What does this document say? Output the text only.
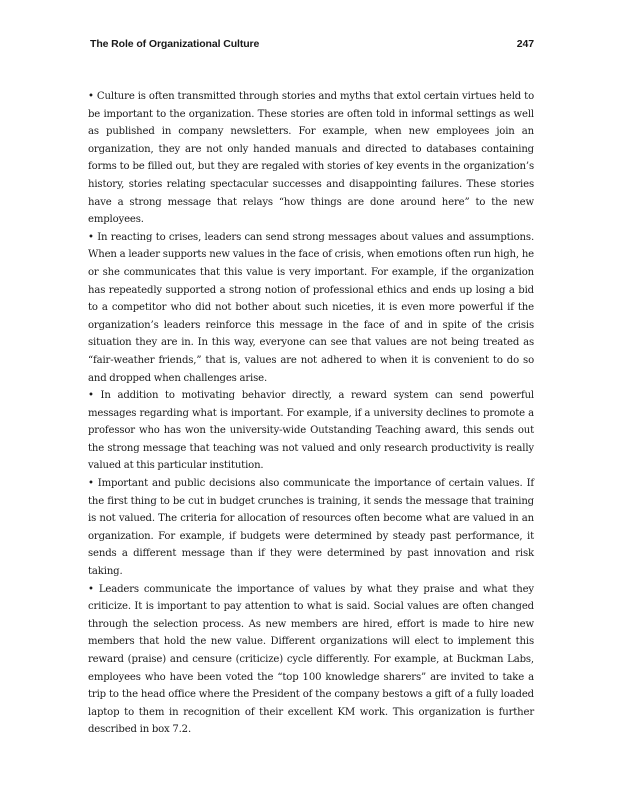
The Role of Organizational Culture	247

• Culture is often transmitted through stories and myths that extol certain virtues held to be important to the organization. These stories are often told in informal settings as well as published in company newsletters. For example, when new employees join an organization, they are not only handed manuals and directed to databases containing forms to be filled out, but they are regaled with stories of key events in the organization’s history, stories relating spectacular successes and disappointing failures. These stories have a strong message that relays “how things are done around here” to the new employees.

• In reacting to crises, leaders can send strong messages about values and assumptions. When a leader supports new values in the face of crisis, when emotions often run high, he or she communicates that this value is very important. For example, if the organization has repeatedly supported a strong notion of professional ethics and ends up losing a bid to a competitor who did not bother about such niceties, it is even more powerful if the organization’s leaders reinforce this message in the face of and in spite of the crisis situation they are in. In this way, everyone can see that values are not being treated as “fair-weather friends,” that is, values are not adhered to when it is convenient to do so and dropped when challenges arise.

• In addition to motivating behavior directly, a reward system can send powerful messages regarding what is important. For example, if a university declines to promote a professor who has won the university-wide Outstanding Teaching award, this sends out the strong message that teaching was not valued and only research productivity is really valued at this particular institution.

• Important and public decisions also communicate the importance of certain values. If the first thing to be cut in budget crunches is training, it sends the message that training is not valued. The criteria for allocation of resources often become what are valued in an organization. For example, if budgets were determined by steady past performance, it sends a different message than if they were determined by past innovation and risk taking.

• Leaders communicate the importance of values by what they praise and what they criticize. It is important to pay attention to what is said. Social values are often changed through the selection process. As new members are hired, effort is made to hire new members that hold the new value. Different organizations will elect to implement this reward (praise) and censure (criticize) cycle differently. For example, at Buckman Labs, employees who have been voted the “top 100 knowledge sharers” are invited to take a trip to the head office where the President of the company bestows a gift of a fully loaded laptop to them in recognition of their excellent KM work. This organization is further described in box 7.2.
